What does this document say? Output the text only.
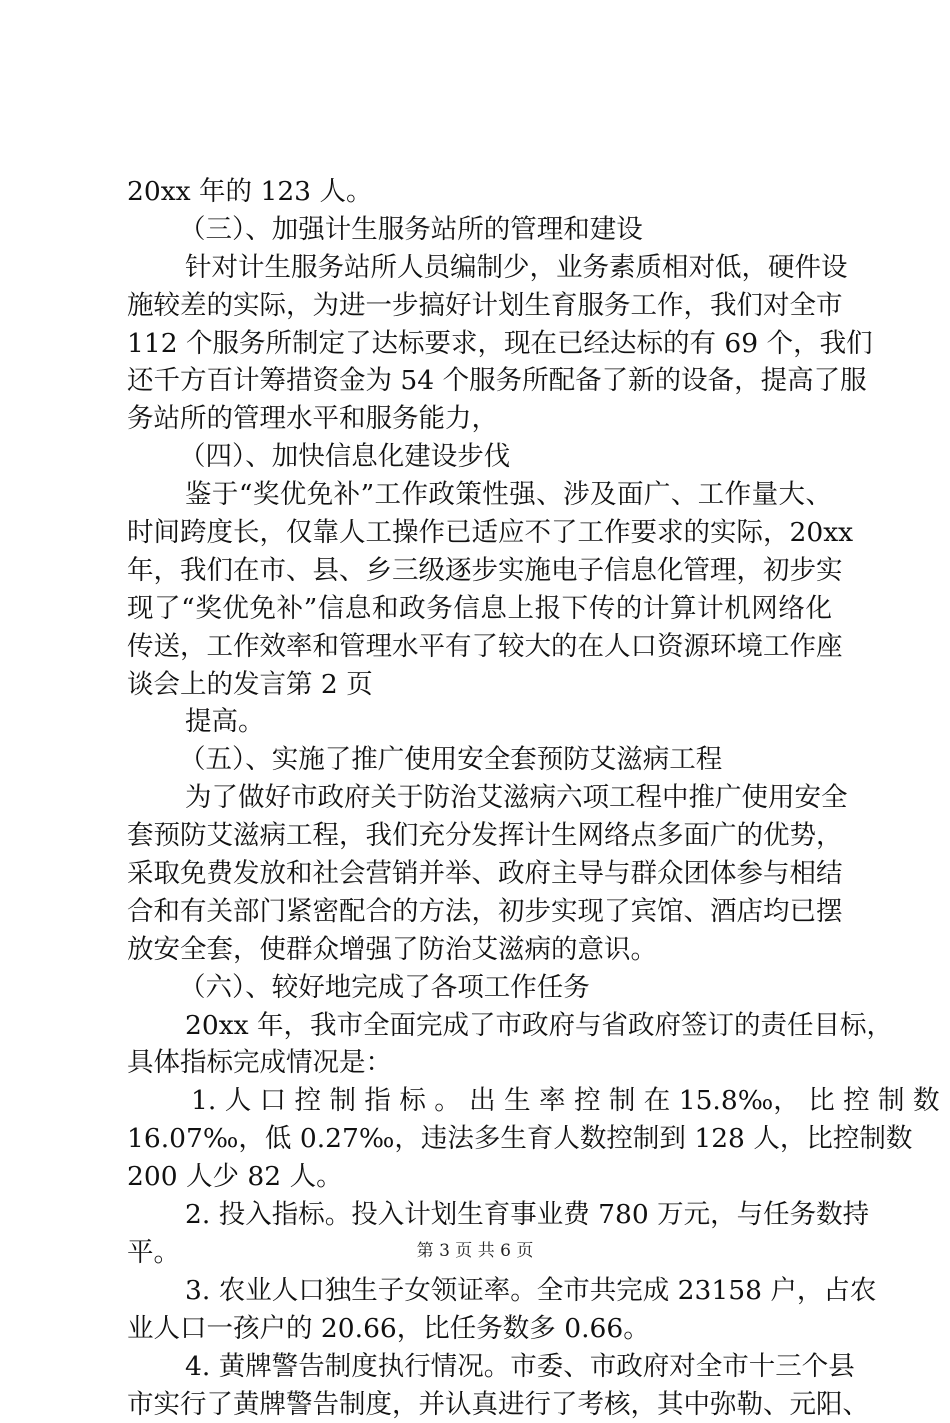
20xx 年的 123 人。
（三）、加强计生服务站所的管理和建设
针对计生服务站所人员编制少，业务素质相对低，硬件设
施较差的实际，为进一步搞好计划生育服务工作，我们对全市
112 个服务所制定了达标要求，现在已经达标的有 69 个，我们
还千方百计筹措资金为 54 个服务所配备了新的设备，提高了服
务站所的管理水平和服务能力，
（四）、加快信息化建设步伐
鉴于“奖优免补”工作政策性强、涉及面广、工作量大、
时间跨度长，仅靠人工操作已适应不了工作要求的实际，20xx
年，我们在市、县、乡三级逐步实施电子信息化管理，初步实
现了“奖优免补”信息和政务信息上报下传的计算计机网络化
传送，工作效率和管理水平有了较大的在人口资源环境工作座
谈会上的发言第 2 页
提高。
（五）、实施了推广使用安全套预防艾滋病工程
为了做好市政府关于防治艾滋病六项工程中推广使用安全
套预防艾滋病工程，我们充分发挥计生网络点多面广的优势，
采取免费发放和社会营销并举、政府主导与群众团体参与相结
合和有关部门紧密配合的方法，初步实现了宾馆、酒店均已摆
放安全套，使群众增强了防治艾滋病的意识。
（六）、较好地完成了各项工作任务
20xx 年，我市全面完成了市政府与省政府签订的责任目标，
具体指标完成情况是：
1. 人 口 控 制 指 标 。 出 生 率 控 制 在 15.8‰， 比 控 制 数
16.07‰，低 0.27‰，违法多生育人数控制到 128 人，比控制数
200 人少 82 人。
2. 投入指标。投入计划生育事业费 780 万元，与任务数持
平。
3. 农业人口独生子女领证率。全市共完成 23158 户，占农
业人口一孩户的 20.66，比任务数多 0.66。
4. 黄牌警告制度执行情况。市委、市政府对全市十三个县
市实行了黄牌警告制度，并认真进行了考核，其中弥勒、元阳、
第 3 页 共 6 页
